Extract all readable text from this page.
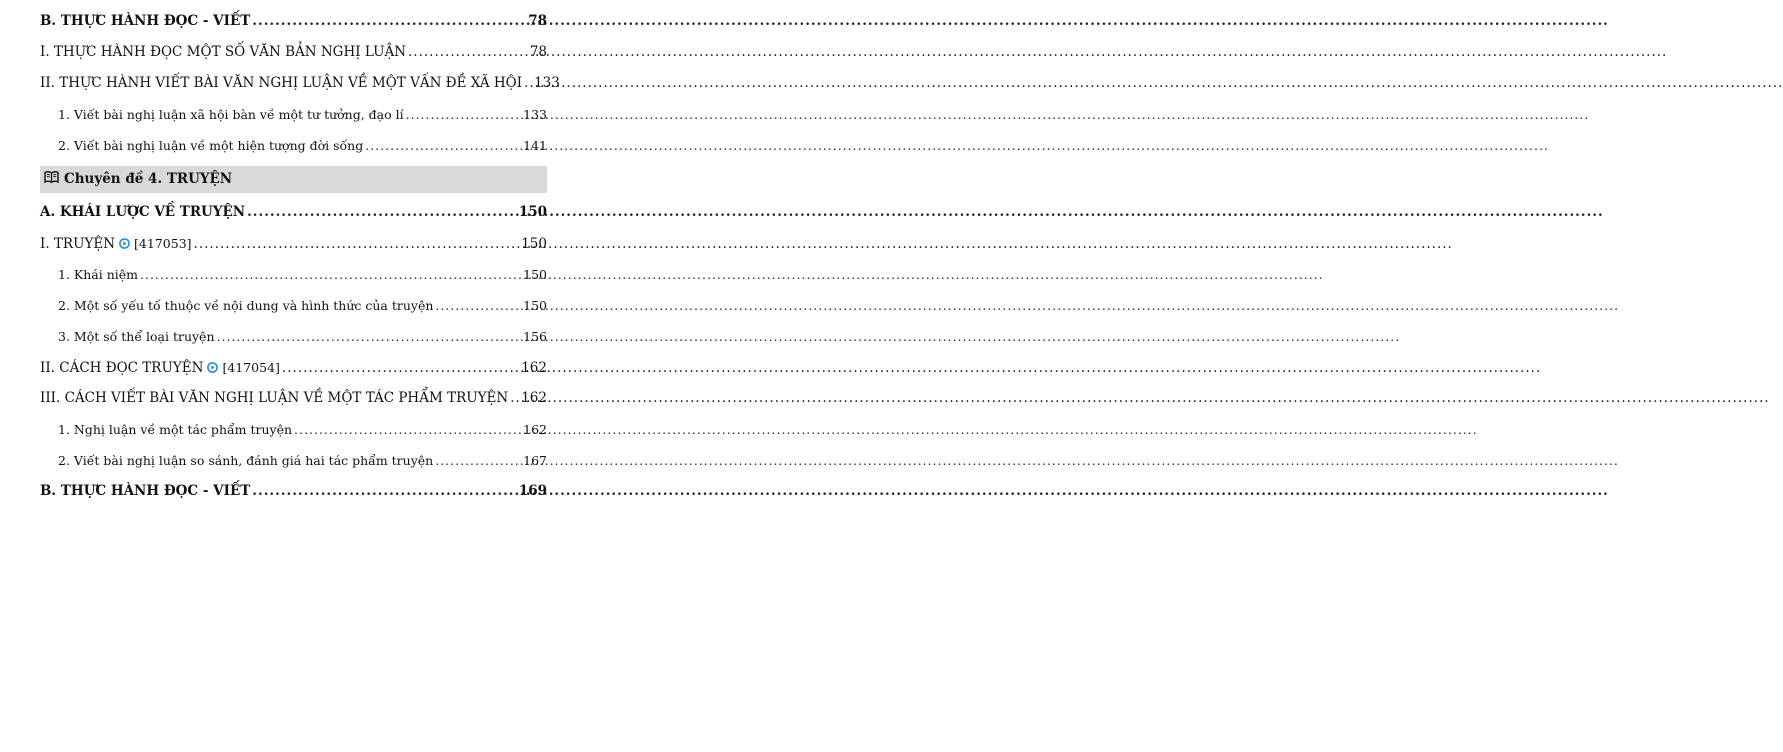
B. THỰC HÀNH ĐỌC - VIẾT .....	78
I. THỰC HÀNH ĐỌC MỘT SỐ VĂN BẢN NGHỊ LUẬN .....	78
II. THỰC HÀNH VIẾT BÀI VĂN NGHỊ LUẬN VỀ MỘT VẤN ĐỀ XÃ HỘI ..... 133
1. Viết bài nghị luận xã hội bàn về một tư tưởng, đạo lí .....	133
2. Viết bài nghị luận về một hiện tượng đời sống .....	141
Chuyên đề 4. TRUYỆN
A. KHÁI LƯỢC VỀ TRUYỆN .....	150
I. TRUYỆN [417053] .....	150
1. Khái niệm .....	150
2. Một số yếu tố thuộc về nội dung và hình thức của truyện .....	150
3. Một số thể loại truyện .....	156
II. CÁCH ĐỌC TRUYỆN [417054] .....	162
III. CÁCH VIẾT BÀI VĂN NGHỊ LUẬN VỀ MỘT TÁC PHẨM TRUYỆN ..... 162
1. Nghị luận về một tác phẩm truyện .....	162
2. Viết bài nghị luận so sánh, đánh giá hai tác phẩm truyện .....	167
B. THỰC HÀNH ĐỌC - VIẾT .....	169
